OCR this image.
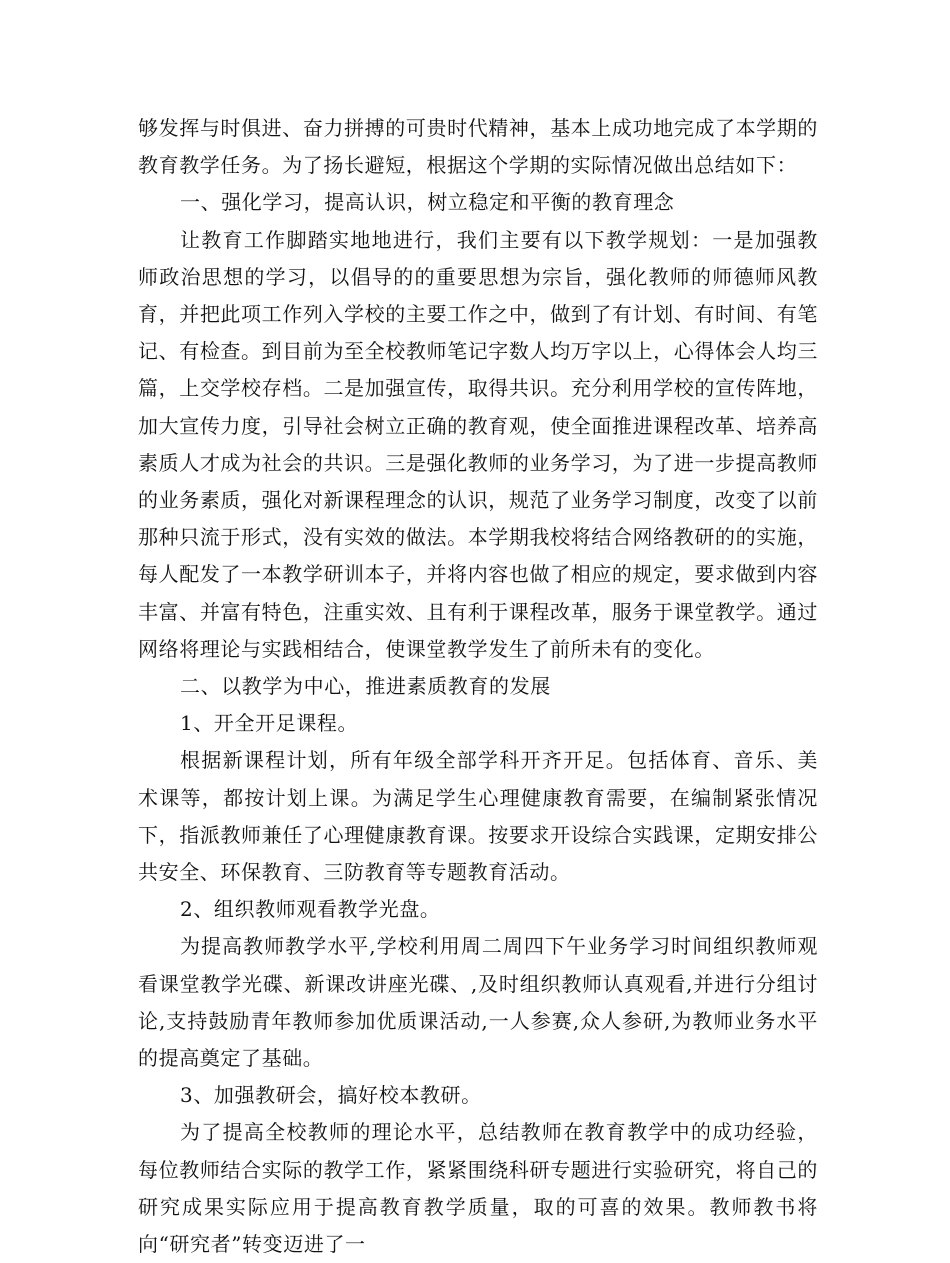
够发挥与时俱进、奋力拼搏的可贵时代精神，基本上成功地完成了本学期的教育教学任务。为了扬长避短，根据这个学期的实际情况做出总结如下：

一、强化学习，提高认识，树立稳定和平衡的教育理念

让教育工作脚踏实地地进行，我们主要有以下教学规划：一是加强教师政治思想的学习，以倡导的的重要思想为宗旨，强化教师的师德师风教育，并把此项工作列入学校的主要工作之中，做到了有计划、有时间、有笔记、有检查。到目前为至全校教师笔记字数人均万字以上，心得体会人均三篇，上交学校存档。二是加强宣传，取得共识。充分利用学校的宣传阵地，加大宣传力度，引导社会树立正确的教育观，使全面推进课程改革、培养高素质人才成为社会的共识。三是强化教师的业务学习，为了进一步提高教师的业务素质，强化对新课程理念的认识，规范了业务学习制度，改变了以前那种只流于形式，没有实效的做法。本学期我校将结合网络教研的的实施，每人配发了一本教学研训本子，并将内容也做了相应的规定，要求做到内容丰富、并富有特色，注重实效、且有利于课程改革，服务于课堂教学。通过网络将理论与实践相结合，使课堂教学发生了前所未有的变化。

二、以教学为中心，推进素质教育的发展

1、开全开足课程。

根据新课程计划，所有年级全部学科开齐开足。包括体育、音乐、美术课等，都按计划上课。为满足学生心理健康教育需要，在编制紧张情况下，指派教师兼任了心理健康教育课。按要求开设综合实践课，定期安排公共安全、环保教育、三防教育等专题教育活动。

2、组织教师观看教学光盘。

为提高教师教学水平,学校利用周二周四下午业务学习时间组织教师观看课堂教学光碟、新课改讲座光碟、,及时组织教师认真观看,并进行分组讨论,支持鼓励青年教师参加优质课活动,一人参赛,众人参研,为教师业务水平的提高奠定了基础。

3、加强教研会，搞好校本教研。

为了提高全校教师的理论水平，总结教师在教育教学中的成功经验，每位教师结合实际的教学工作，紧紧围绕科研专题进行实验研究，将自己的研究成果实际应用于提高教育教学质量，取的可喜的效果。教师教书将向“研究者”转变迈进了一
